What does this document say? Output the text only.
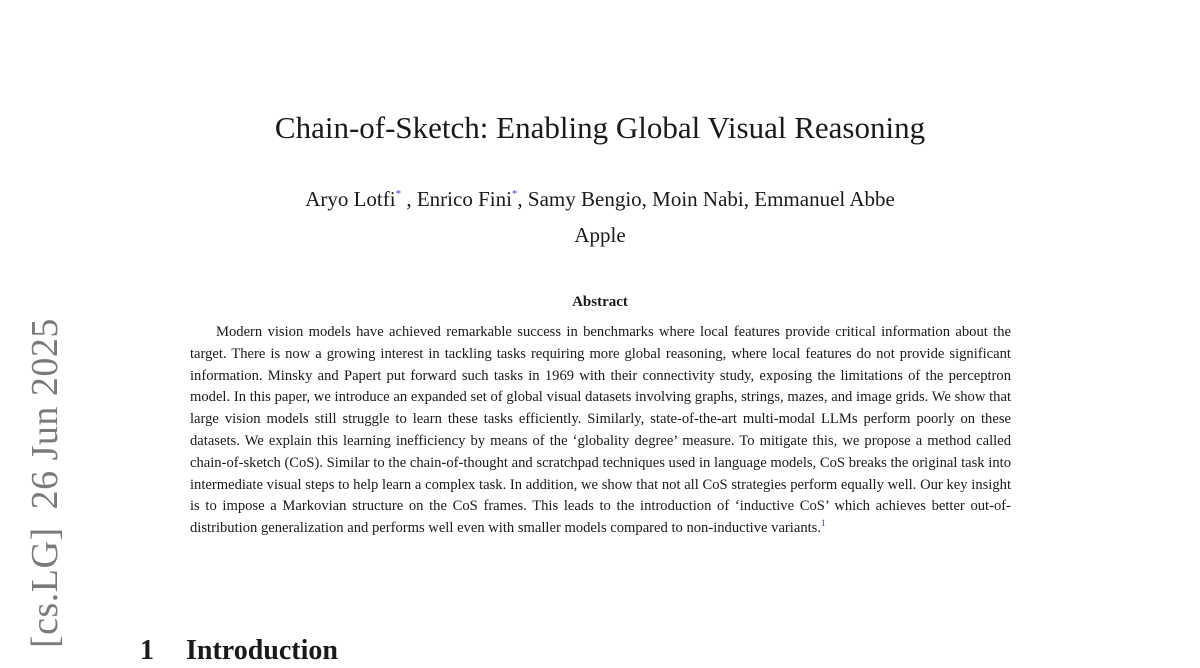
[cs.LG]26 Jun 2025
Chain-of-Sketch: Enabling Global Visual Reasoning
Aryo Lotfi* , Enrico Fini*, Samy Bengio, Moin Nabi, Emmanuel Abbe
Apple
Abstract
Modern vision models have achieved remarkable success in benchmarks where local features provide critical information about the target. There is now a growing interest in tackling tasks requiring more global reasoning, where local features do not provide significant information. Minsky and Papert put forward such tasks in 1969 with their connectivity study, exposing the limitations of the perceptron model. In this paper, we introduce an expanded set of global visual datasets involving graphs, strings, mazes, and image grids. We show that large vision models still struggle to learn these tasks efficiently. Similarly, state-of-the-art multi-modal LLMs perform poorly on these datasets. We explain this learning inefficiency by means of the ‘globality degree’ measure. To mitigate this, we propose a method called chain-of-sketch (CoS). Similar to the chain-of-thought and scratchpad techniques used in language models, CoS breaks the original task into intermediate visual steps to help learn a complex task. In addition, we show that not all CoS strategies perform equally well. Our key insight is to impose a Markovian structure on the CoS frames. This leads to the introduction of ‘inductive CoS’ which achieves better out-of-distribution generalization and performs well even with smaller models compared to non-inductive variants.$^1$
1 Introduction
